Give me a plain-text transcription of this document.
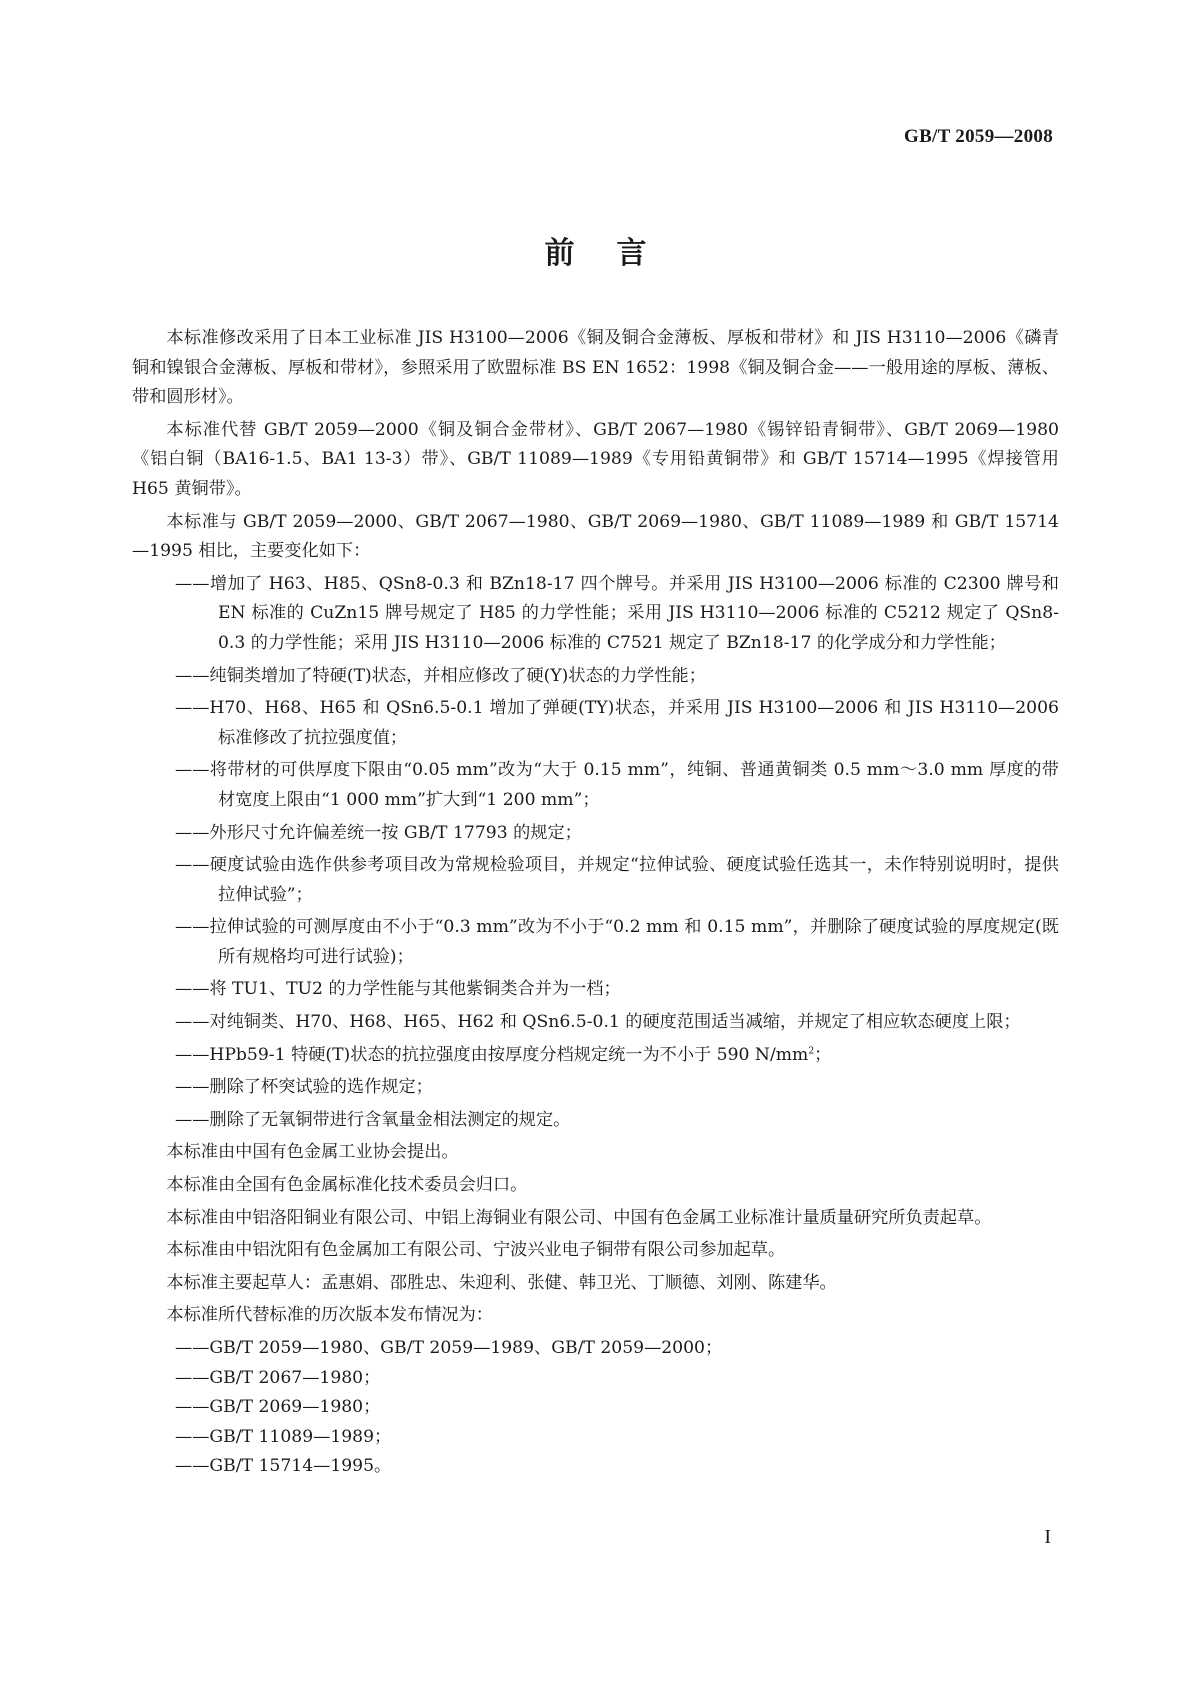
GB/T 2059—2008
前言

本标准修改采用了日本工业标准 JIS H3100—2006《铜及铜合金薄板、厚板和带材》和 JIS H3110—2006《磷青铜和镍银合金薄板、厚板和带材》，参照采用了欧盟标准 BS EN 1652：1998《铜及铜合金——一般用途的厚板、薄板、带和圆形材》。

本标准代替 GB/T 2059—2000《铜及铜合金带材》、GB/T 2067—1980《锡锌铅青铜带》、GB/T 2069—1980《铝白铜（BA16-1.5、BA1 13-3）带》、GB/T 11089—1989《专用铅黄铜带》和 GB/T 15714—1995《焊接管用 H65 黄铜带》。

本标准与 GB/T 2059—2000、GB/T 2067—1980、GB/T 2069—1980、GB/T 11089—1989 和 GB/T 15714—1995 相比，主要变化如下：

——增加了 H63、H85、QSn8-0.3 和 BZn18-17 四个牌号。并采用 JIS H3100—2006 标准的 C2300 牌号和 EN 标准的 CuZn15 牌号规定了 H85 的力学性能；采用 JIS H3110—2006 标准的 C5212 规定了 QSn8-0.3 的力学性能；采用 JIS H3110—2006 标准的 C7521 规定了 BZn18-17 的化学成分和力学性能；

——纯铜类增加了特硬(T)状态，并相应修改了硬(Y)状态的力学性能；

——H70、H68、H65 和 QSn6.5-0.1 增加了弹硬(TY)状态，并采用 JIS H3100—2006 和 JIS H3110—2006 标准修改了抗拉强度值；

——将带材的可供厚度下限由“0.05 mm”改为“大于 0.15 mm”，纯铜、普通黄铜类 0.5 mm～3.0 mm 厚度的带材宽度上限由“1 000 mm”扩大到“1 200 mm”；

——外形尺寸允许偏差统一按 GB/T 17793 的规定；

——硬度试验由选作供参考项目改为常规检验项目，并规定“拉伸试验、硬度试验任选其一，未作特别说明时，提供拉伸试验”；

——拉伸试验的可测厚度由不小于“0.3 mm”改为不小于“0.2 mm 和 0.15 mm”，并删除了硬度试验的厚度规定(既所有规格均可进行试验)；

——将 TU1、TU2 的力学性能与其他紫铜类合并为一档；

——对纯铜类、H70、H68、H65、H62 和 QSn6.5-0.1 的硬度范围适当减缩，并规定了相应软态硬度上限；

——HPb59-1 特硬(T)状态的抗拉强度由按厚度分档规定统一为不小于 590 $N/mm^2$；

——删除了杯突试验的选作规定；

——删除了无氧铜带进行含氧量金相法测定的规定。

本标准由中国有色金属工业协会提出。

本标准由全国有色金属标准化技术委员会归口。

本标准由中铝洛阳铜业有限公司、中铝上海铜业有限公司、中国有色金属工业标准计量质量研究所负责起草。

本标准由中铝沈阳有色金属加工有限公司、宁波兴业电子铜带有限公司参加起草。

本标准主要起草人：孟惠娟、邵胜忠、朱迎利、张健、韩卫光、丁顺德、刘刚、陈建华。

本标准所代替标准的历次版本发布情况为：

——GB/T 2059—1980、GB/T 2059—1989、GB/T 2059—2000；

——GB/T 2067—1980；

——GB/T 2069—1980；

——GB/T 11089—1989；

——GB/T 15714—1995。

I
